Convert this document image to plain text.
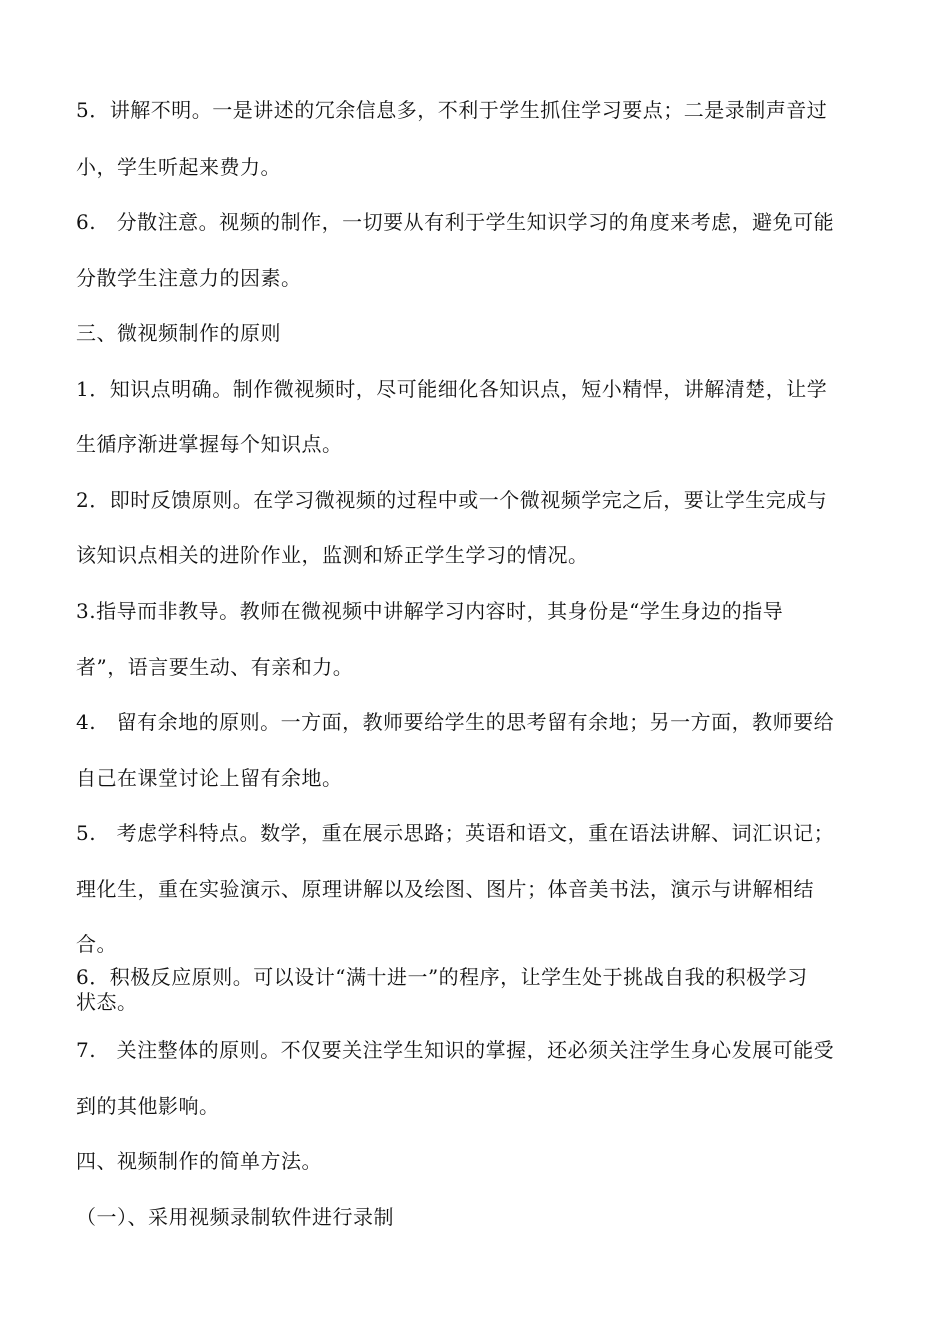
5．讲解不明。一是讲述的冗余信息多，不利于学生抓住学习要点；二是录制声音过

小，学生听起来费力。

6.　分散注意。视频的制作，一切要从有利于学生知识学习的角度来考虑，避免可能

分散学生注意力的因素。

三、微视频制作的原则

1．知识点明确。制作微视频时，尽可能细化各知识点，短小精悍，讲解清楚，让学

生循序渐进掌握每个知识点。

2．即时反馈原则。在学习微视频的过程中或一个微视频学完之后，要让学生完成与

该知识点相关的进阶作业，监测和矫正学生学习的情况。

3.指导而非教导。教师在微视频中讲解学习内容时，其身份是“学生身边的指导

者”，语言要生动、有亲和力。

4.　留有余地的原则。一方面，教师要给学生的思考留有余地；另一方面，教师要给

自己在课堂讨论上留有余地。

5.　考虑学科特点。数学，重在展示思路；英语和语文，重在语法讲解、词汇识记；

理化生，重在实验演示、原理讲解以及绘图、图片；体音美书法，演示与讲解相结

合。

6．积极反应原则。可以设计“满十进一”的程序，让学生处于挑战自我的积极学习

状态。

7.　关注整体的原则。不仅要关注学生知识的掌握，还必须关注学生身心发展可能受

到的其他影响。

四、视频制作的简单方法。

（一）、采用视频录制软件进行录制
